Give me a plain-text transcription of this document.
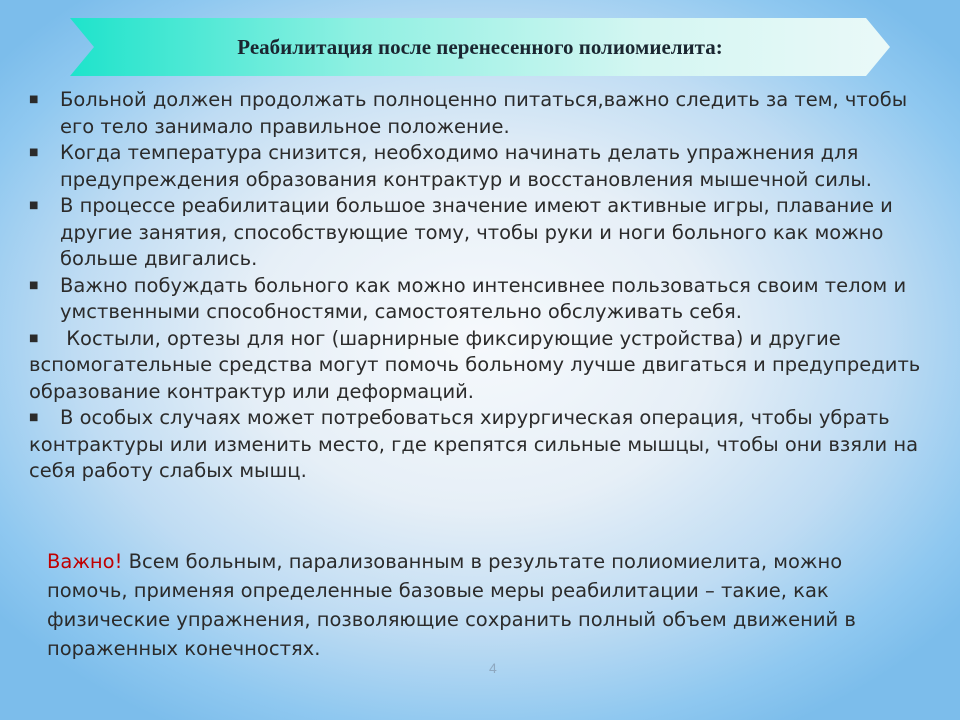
Реабилитация после перенесенного полиомиелита:

■ Больной должен продолжать полноценно питаться,важно следить за тем, чтобы его тело занимало правильное положение.

■ Когда температура снизится, необходимо начинать делать упражнения для предупреждения образования контрактур и восстановления мышечной силы.

■ В процессе реабилитации большое значение имеют активные игры, плавание и другие занятия, способствующие тому, чтобы руки и ноги больного как можно больше двигались.

■ Важно побуждать больного как можно интенсивнее пользоваться своим телом и умственными способностями, самостоятельно обслуживать себя.

■ Костыли, ортезы для ног (шарнирные фиксирующие устройства) и другие вспомогательные средства могут помочь больному лучше двигаться и предупредить образование контрактур или деформаций.

■ В особых случаях может потребоваться хирургическая операция, чтобы убрать контрактуры или изменить место, где крепятся сильные мышцы, чтобы они взяли на себя работу слабых мышц.

Важно! Всем больным, парализованным в результате полиомиелита, можно помочь, применяя определенные базовые меры реабилитации – такие, как физические упражнения, позволяющие сохранить полный объем движений в пораженных конечностях.
4
